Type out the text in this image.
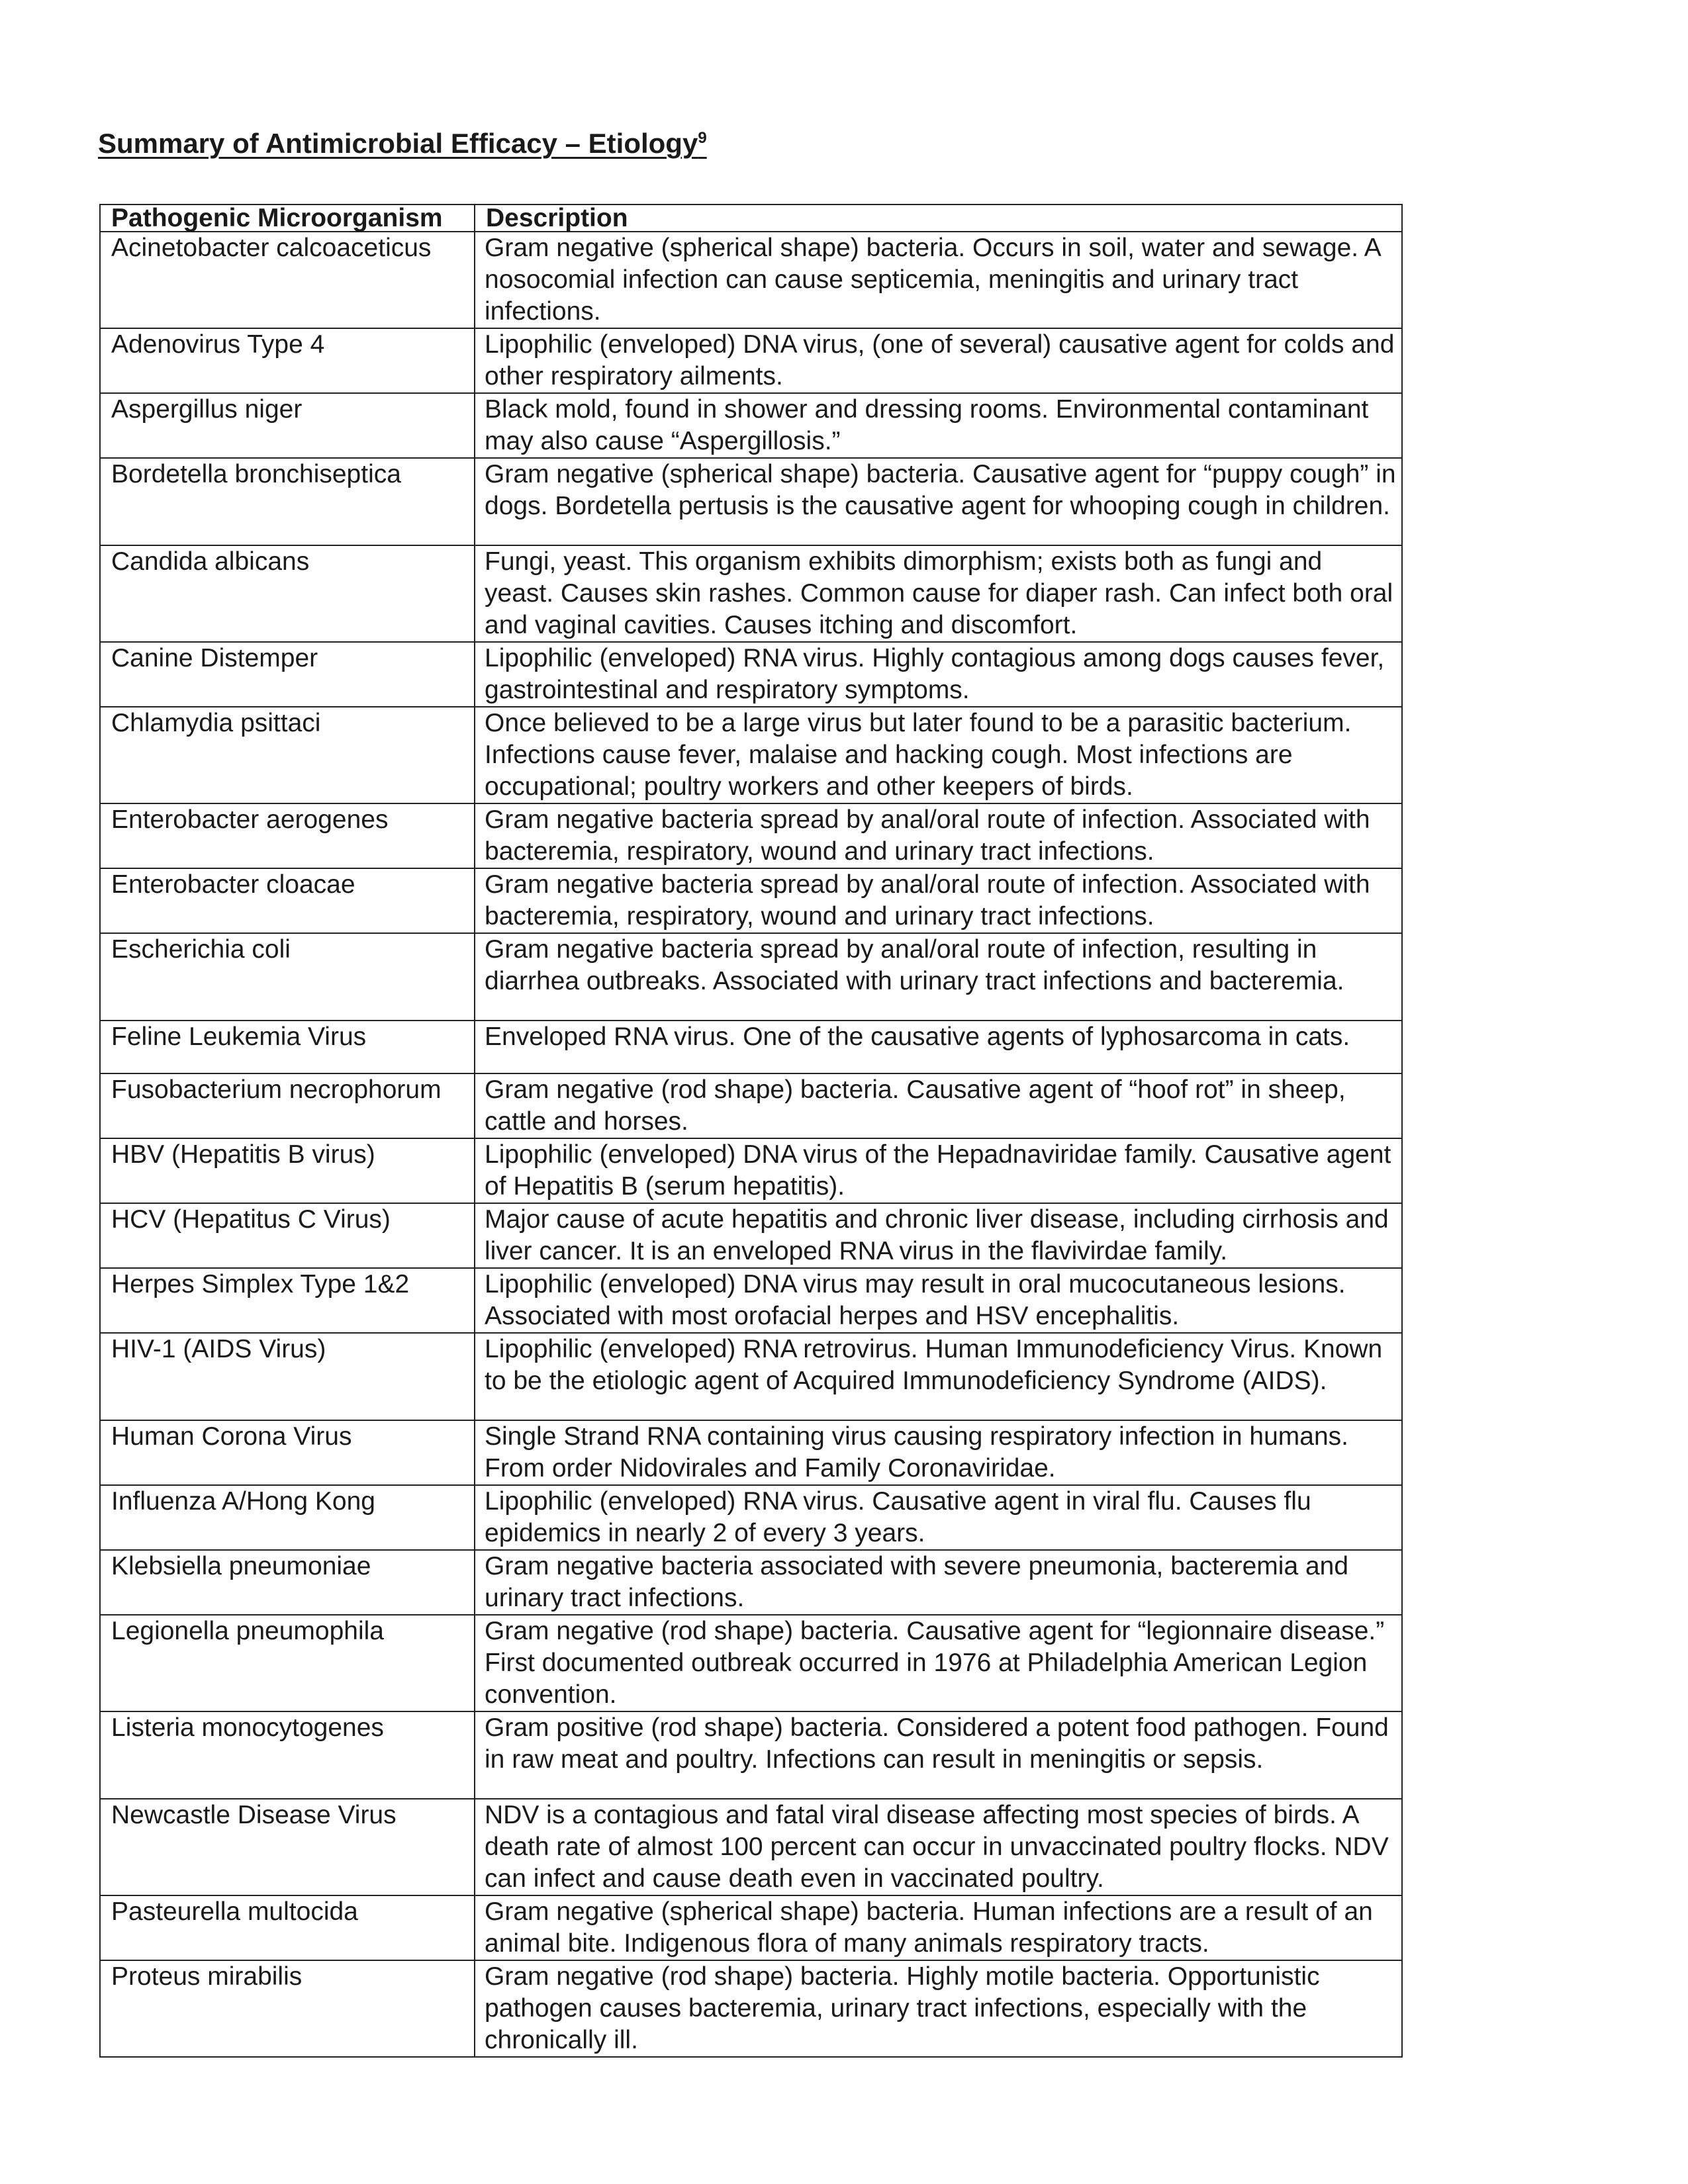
Summary of Antimicrobial Efficacy – Etiology$^9$
Pathogenic Microorganism	Description
Acinetobacter calcoaceticus	Gram negative (spherical shape) bacteria. Occurs in soil, water and sewage. A nosocomial infection can cause septicemia, meningitis and urinary tract infections.
Adenovirus Type 4	Lipophilic (enveloped) DNA virus, (one of several) causative agent for colds and other respiratory ailments.
Aspergillus niger	Black mold, found in shower and dressing rooms. Environmental contaminant may also cause “Aspergillosis.”
Bordetella bronchiseptica	Gram negative (spherical shape) bacteria. Causative agent for “puppy cough” in dogs. Bordetella pertusis is the causative agent for whooping cough in children.
Candida albicans	Fungi, yeast. This organism exhibits dimorphism; exists both as fungi and yeast. Causes skin rashes. Common cause for diaper rash. Can infect both oral and vaginal cavities. Causes itching and discomfort.
Canine Distemper	Lipophilic (enveloped) RNA virus. Highly contagious among dogs causes fever, gastrointestinal and respiratory symptoms.
Chlamydia psittaci	Once believed to be a large virus but later found to be a parasitic bacterium. Infections cause fever, malaise and hacking cough. Most infections are occupational; poultry workers and other keepers of birds.
Enterobacter aerogenes	Gram negative bacteria spread by anal/oral route of infection. Associated with bacteremia, respiratory, wound and urinary tract infections.
Enterobacter cloacae	Gram negative bacteria spread by anal/oral route of infection. Associated with bacteremia, respiratory, wound and urinary tract infections.
Escherichia coli	Gram negative bacteria spread by anal/oral route of infection, resulting in diarrhea outbreaks. Associated with urinary tract infections and bacteremia.
Feline Leukemia Virus	Enveloped RNA virus. One of the causative agents of lyphosarcoma in cats.
Fusobacterium necrophorum	Gram negative (rod shape) bacteria. Causative agent of “hoof rot” in sheep, cattle and horses.
HBV (Hepatitis B virus)	Lipophilic (enveloped) DNA virus of the Hepadnaviridae family. Causative agent of Hepatitis B (serum hepatitis).
HCV (Hepatitus C Virus)	Major cause of acute hepatitis and chronic liver disease, including cirrhosis and liver cancer. It is an enveloped RNA virus in the flavivirdae family.
Herpes Simplex Type 1&2	Lipophilic (enveloped) DNA virus may result in oral mucocutaneous lesions. Associated with most orofacial herpes and HSV encephalitis.
HIV-1 (AIDS Virus)	Lipophilic (enveloped) RNA retrovirus. Human Immunodeficiency Virus. Known to be the etiologic agent of Acquired Immunodeficiency Syndrome (AIDS).
Human Corona Virus	Single Strand RNA containing virus causing respiratory infection in humans. From order Nidovirales and Family Coronaviridae.
Influenza A/Hong Kong	Lipophilic (enveloped) RNA virus. Causative agent in viral flu. Causes flu epidemics in nearly 2 of every 3 years.
Klebsiella pneumoniae	Gram negative bacteria associated with severe pneumonia, bacteremia and urinary tract infections.
Legionella pneumophila	Gram negative (rod shape) bacteria. Causative agent for “legionnaire disease.” First documented outbreak occurred in 1976 at Philadelphia American Legion convention.
Listeria monocytogenes	Gram positive (rod shape) bacteria. Considered a potent food pathogen. Found in raw meat and poultry. Infections can result in meningitis or sepsis.
Newcastle Disease Virus	NDV is a contagious and fatal viral disease affecting most species of birds. A death rate of almost 100 percent can occur in unvaccinated poultry flocks. NDV can infect and cause death even in vaccinated poultry.
Pasteurella multocida	Gram negative (spherical shape) bacteria. Human infections are a result of an animal bite. Indigenous flora of many animals respiratory tracts.
Proteus mirabilis	Gram negative (rod shape) bacteria. Highly motile bacteria. Opportunistic pathogen causes bacteremia, urinary tract infections, especially with the chronically ill.
